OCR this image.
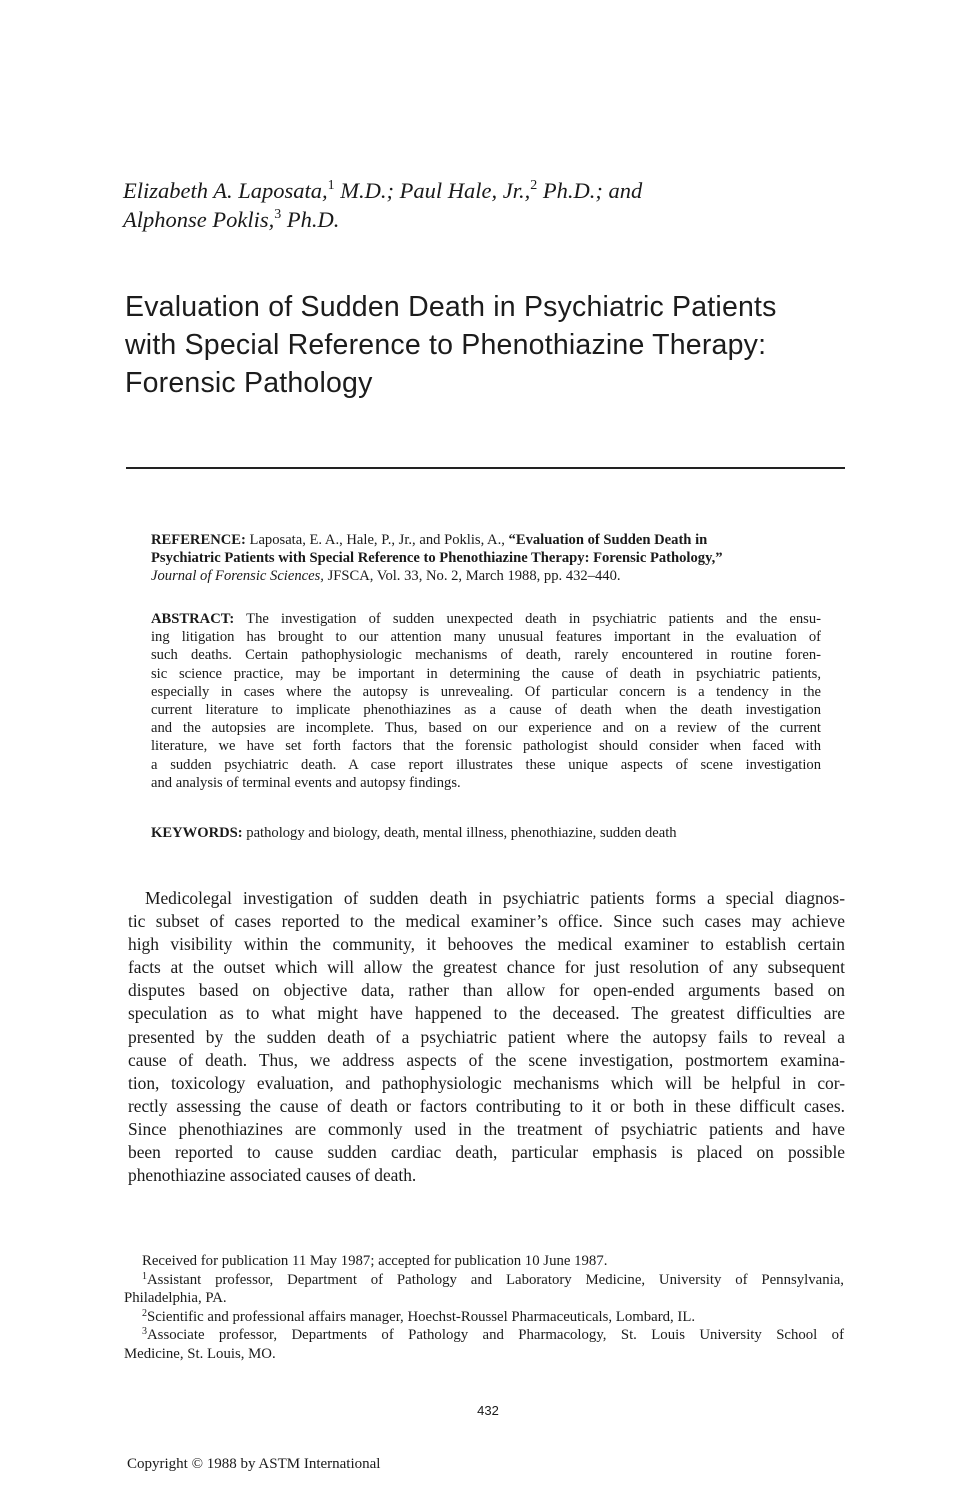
Elizabeth A. Laposata,$^1$ M.D.; Paul Hale, Jr.,$^2$ Ph.D.; and
Alphonse Poklis,$^3$ Ph.D.
Evaluation of Sudden Death in Psychiatric Patients
with Special Reference to Phenothiazine Therapy:
Forensic Pathology
REFERENCE: Laposata, E. A., Hale, P., Jr., and Poklis, A., “Evaluation of Sudden Death in
Psychiatric Patients with Special Reference to Phenothiazine Therapy: Forensic Pathology,”
Journal of Forensic Sciences, JFSCA, Vol. 33, No. 2, March 1988, pp. 432–440.
ABSTRACT: The investigation of sudden unexpected death in psychiatric patients and the ensu-
ing litigation has brought to our attention many unusual features important in the evaluation of
such deaths. Certain pathophysiologic mechanisms of death, rarely encountered in routine foren-
sic science practice, may be important in determining the cause of death in psychiatric patients,
especially in cases where the autopsy is unrevealing. Of particular concern is a tendency in the
current literature to implicate phenothiazines as a cause of death when the death investigation
and the autopsies are incomplete. Thus, based on our experience and on a review of the current
literature, we have set forth factors that the forensic pathologist should consider when faced with
a sudden psychiatric death. A case report illustrates these unique aspects of scene investigation
and analysis of terminal events and autopsy findings.
KEYWORDS: pathology and biology, death, mental illness, phenothiazine, sudden death
Medicolegal investigation of sudden death in psychiatric patients forms a special diagnos-
tic subset of cases reported to the medical examiner’s office. Since such cases may achieve
high visibility within the community, it behooves the medical examiner to establish certain
facts at the outset which will allow the greatest chance for just resolution of any subsequent
disputes based on objective data, rather than allow for open-ended arguments based on
speculation as to what might have happened to the deceased. The greatest difficulties are
presented by the sudden death of a psychiatric patient where the autopsy fails to reveal a
cause of death. Thus, we address aspects of the scene investigation, postmortem examina-
tion, toxicology evaluation, and pathophysiologic mechanisms which will be helpful in cor-
rectly assessing the cause of death or factors contributing to it or both in these difficult cases.
Since phenothiazines are commonly used in the treatment of psychiatric patients and have
been reported to cause sudden cardiac death, particular emphasis is placed on possible
phenothiazine associated causes of death.
Received for publication 11 May 1987; accepted for publication 10 June 1987.
$^1$Assistant professor, Department of Pathology and Laboratory Medicine, University of Pennsylvania,
Philadelphia, PA.
$^2$Scientific and professional affairs manager, Hoechst-Roussel Pharmaceuticals, Lombard, IL.
$^3$Associate professor, Departments of Pathology and Pharmacology, St. Louis University School of
Medicine, St. Louis, MO.
432
Copyright © 1988 by ASTM International
